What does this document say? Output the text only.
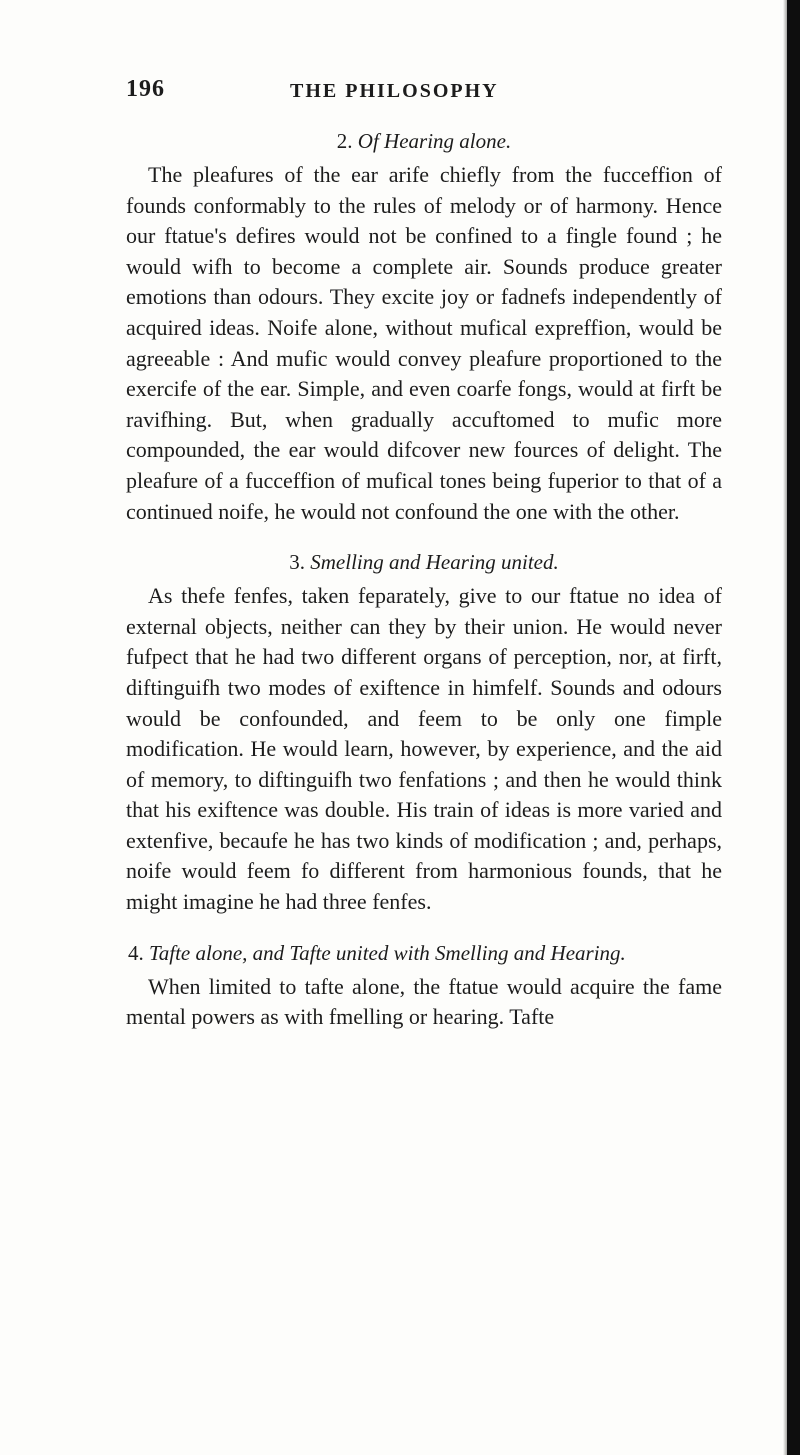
196	THE PHILOSOPHY

2. Of Hearing alone.

The pleafures of the ear arife chiefly from the fucceffion of founds conformably to the rules of melody or of harmony. Hence our ftatue's defires would not be confined to a fingle found ; he would wifh to become a complete air. Sounds produce greater emotions than odours. They excite joy or fadnefs independently of acquired ideas. Noife alone, without mufical expreffion, would be agreeable : And mufic would convey pleafure proportioned to the exercife of the ear. Simple, and even coarfe fongs, would at firft be ravifhing. But, when gradually accuftomed to mufic more compounded, the ear would difcover new fources of delight. The pleafure of a fucceffion of mufical tones being fuperior to that of a continued noife, he would not confound the one with the other.

3. Smelling and Hearing united.

As thefe fenfes, taken feparately, give to our ftatue no idea of external objects, neither can they by their union. He would never fufpect that he had two different organs of perception, nor, at firft, diftinguifh two modes of exiftence in himfelf. Sounds and odours would be confounded, and feem to be only one fimple modification. He would learn, however, by experience, and the aid of memory, to diftinguifh two fenfations ; and then he would think that his exiftence was double. His train of ideas is more varied and extenfive, becaufe he has two kinds of modification ; and, perhaps, noife would feem fo different from harmonious founds, that he might imagine he had three fenfes.

4. Tafte alone, and Tafte united with Smelling and Hearing.

When limited to tafte alone, the ftatue would acquire the fame mental powers as with fmelling or hearing. Tafte
